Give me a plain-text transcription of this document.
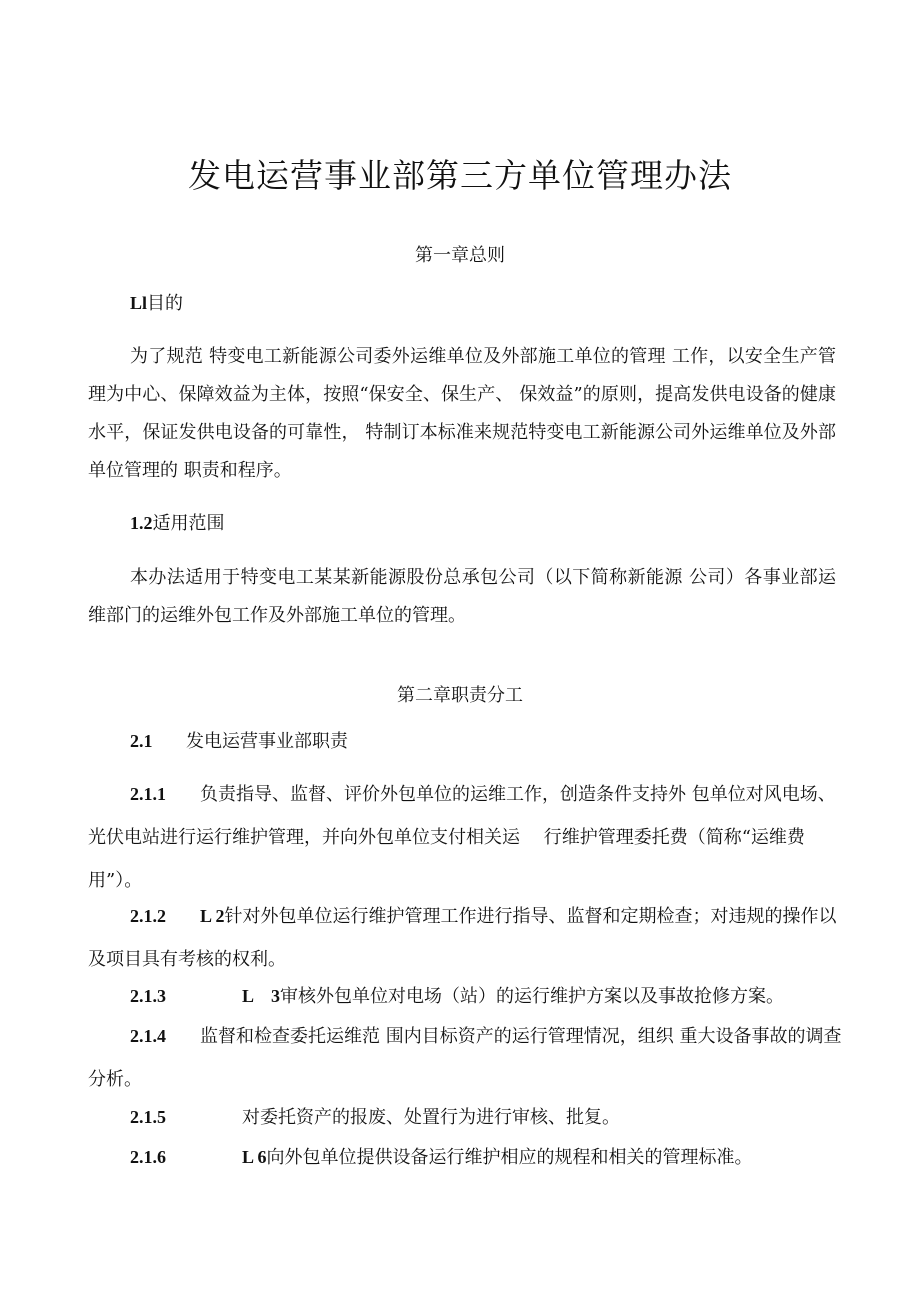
发电运营事业部第三方单位管理办法

第一章总则

Ll目的

为了规范 特变电工新能源公司委外运维单位及外部施工单位的管理 工作，以安全生产管理为中心、保障效益为主体，按照“保安全、保生产、 保效益”的原则，提高发供电设备的健康水平，保证发供电设备的可靠性， 特制订本标准来规范特变电工新能源公司外运维单位及外部单位管理的 职责和程序。

1.2适用范围

本办法适用于特变电工某某新能源股份总承包公司（以下简称新能源 公司）各事业部运维部门的运维外包工作及外部施工单位的管理。

第二章职责分工

2.1 发电运营事业部职责

2.1.1 负责指导、监督、评价外包单位的运维工作，创造条件支持外 包单位对风电场、光伏电站进行运行维护管理，并向外包单位支付相关运　 行维护管理委托费（简称“运维费用”）。

2.1.2 L 2针对外包单位运行维护管理工作进行指导、监督和定期检查；对违规的操作以及项目具有考核的权利。

2.1.3	L　3审核外包单位对电场（站）的运行维护方案以及事故抢修方案。

2.1.4 监督和检查委托运维范 围内目标资产的运行管理情况，组织 重大设备事故的调查分析。

2.1.5	对委托资产的报废、处置行为进行审核、批复。

2.1.6	L 6向外包单位提供设备运行维护相应的规程和相关的管理标准。
